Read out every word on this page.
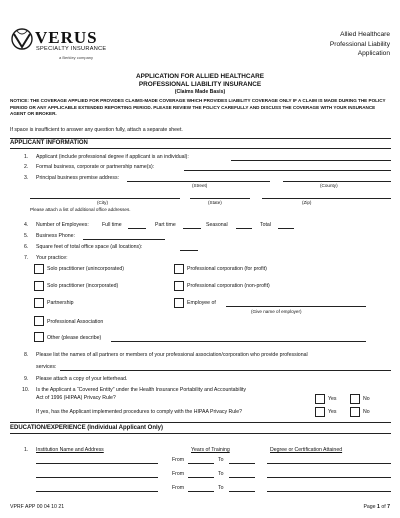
VERUS
SPECIALTY INSURANCE
a Berkley company
Allied Healthcare
Professional Liability
Application
APPLICATION FOR ALLIED HEALTHCARE
PROFESSIONAL LIABILITY INSURANCE
(Claims Made Basis)
NOTICE: THE COVERAGE APPLIED FOR PROVIDES CLAIMS-MADE COVERAGE WHICH PROVIDES LIABILITY COVERAGE ONLY IF A CLAIM IS MADE DURING THE POLICY PERIOD OR ANY APPLICABLE EXTENDED REPORTING PERIOD. PLEASE REVIEW THE POLICY CAREFULLY AND DISCUSS THE COVERAGE WITH YOUR INSURANCE AGENT OR BROKER.
If space is insufficient to answer any question fully, attach a separate sheet.
APPLICANT INFORMATION
1. Applicant (include professional degree if applicant is an individual):
2. Formal business, corporate or partnership name(s):
3. Principal business premise address:
(Street)	(County)
(City)	(State)	(Zip)
Please attach a list of additional office addresses.
4. Number of Employees:	Full time	Part time	Seasonal	Total
5. Business Phone:
6. Square feet of total office space (all locations):
7. Your practice:
Solo practitioner (unincorporated)	Professional corporation (for profit)
Solo practitioner (incorporated)	Professional corporation (non-profit)
Partnership	Employee of
(Give name of employer)
Professional Association
Other (please describe)
8. Please list the names of all partners or members of your professional association/corporation who provide professional
services:
9. Please attach a copy of your letterhead.
10. Is the Applicant a “Covered Entity” under the Health Insurance Portability and Accountability
Act of 1996 (HIPAA) Privacy Rule?	Yes	No
If yes, has the Applicant implemented procedures to comply with the HIPAA Privacy Rule?	Yes	No
EDUCATION/EXPERIENCE (Individual Applicant Only)
1. Institution Name and Address	Years of Training	Degree or Certification Attained
From	To
From	To
From	To
VPRF APP 00 04 10 21	Page 1 of 7
